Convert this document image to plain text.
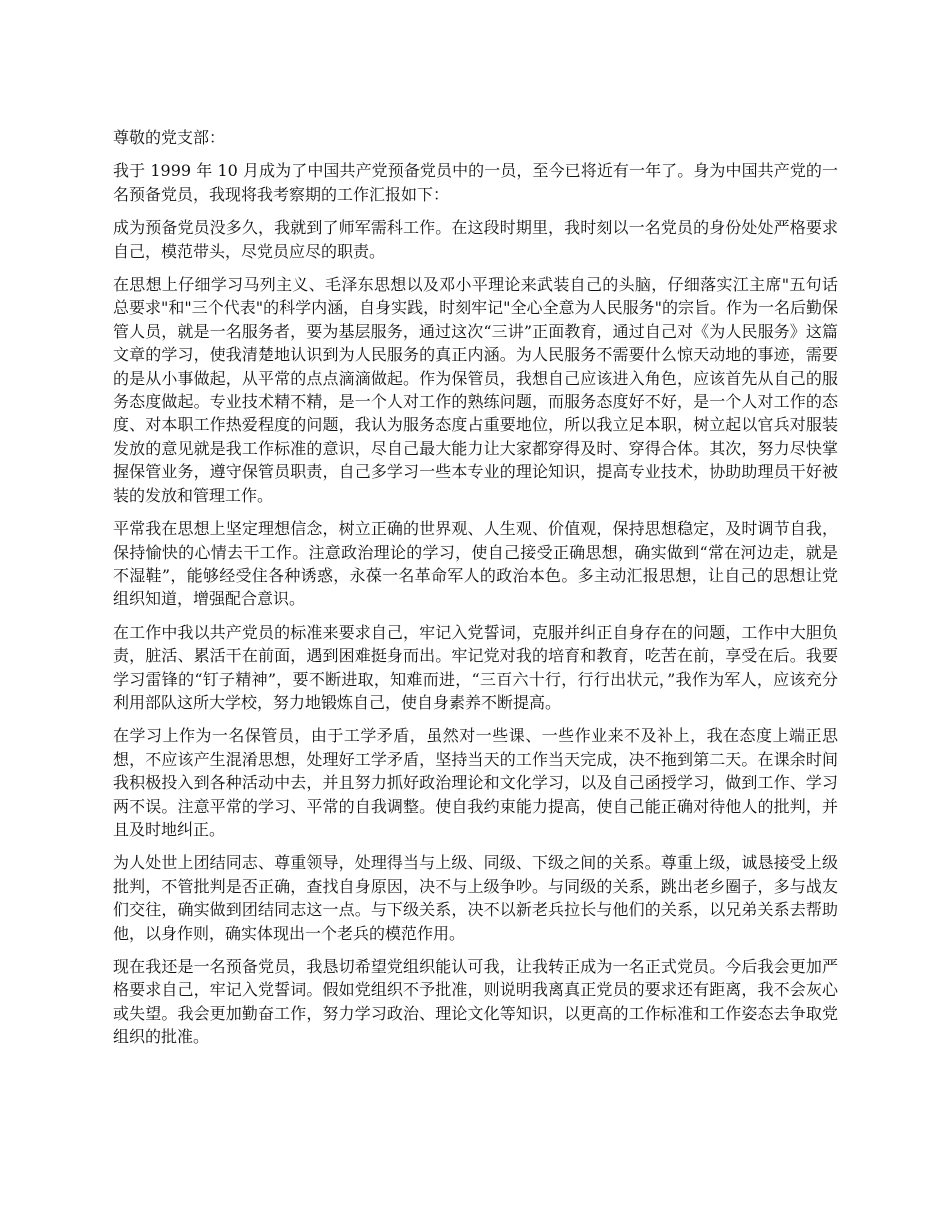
尊敬的党支部：

我于 1999 年 10 月成为了中国共产党预备党员中的一员，至今已将近有一年了。身为中国共产党的一名预备党员，我现将我考察期的工作汇报如下：

成为预备党员没多久，我就到了师军需科工作。在这段时期里，我时刻以一名党员的身份处处严格要求自己，模范带头，尽党员应尽的职责。

在思想上仔细学习马列主义、毛泽东思想以及邓小平理论来武装自己的头脑，仔细落实江主席"五句话总要求"和"三个代表"的科学内涵，自身实践，时刻牢记"全心全意为人民服务"的宗旨。作为一名后勤保管人员，就是一名服务者，要为基层服务，通过这次“三讲”正面教育，通过自己对《为人民服务》这篇文章的学习，使我清楚地认识到为人民服务的真正内涵。为人民服务不需要什么惊天动地的事迹，需要的是从小事做起，从平常的点点滴滴做起。作为保管员，我想自己应该进入角色，应该首先从自己的服务态度做起。专业技术精不精，是一个人对工作的熟练问题，而服务态度好不好，是一个人对工作的态度、对本职工作热爱程度的问题，我认为服务态度占重要地位，所以我立足本职，树立起以官兵对服装发放的意见就是我工作标准的意识，尽自己最大能力让大家都穿得及时、穿得合体。其次，努力尽快掌握保管业务，遵守保管员职责，自己多学习一些本专业的理论知识，提高专业技术，协助助理员干好被装的发放和管理工作。

平常我在思想上坚定理想信念，树立正确的世界观、人生观、价值观，保持思想稳定，及时调节自我，保持愉快的心情去干工作。注意政治理论的学习，使自己接受正确思想，确实做到“常在河边走，就是不湿鞋”，能够经受住各种诱惑，永葆一名革命军人的政治本色。多主动汇报思想，让自己的思想让党组织知道，增强配合意识。

在工作中我以共产党员的标准来要求自己，牢记入党誓词，克服并纠正自身存在的问题，工作中大胆负责，脏活、累活干在前面，遇到困难挺身而出。牢记党对我的培育和教育，吃苦在前，享受在后。我要学习雷锋的“钉子精神”，要不断进取，知难而进，“三百六十行，行行出状元，”我作为军人，应该充分利用部队这所大学校，努力地锻炼自己，使自身素养不断提高。

在学习上作为一名保管员，由于工学矛盾，虽然对一些课、一些作业来不及补上，我在态度上端正思想，不应该产生混淆思想，处理好工学矛盾，坚持当天的工作当天完成，决不拖到第二天。在课余时间我积极投入到各种活动中去，并且努力抓好政治理论和文化学习，以及自己函授学习，做到工作、学习两不误。注意平常的学习、平常的自我调整。使自我约束能力提高，使自己能正确对待他人的批判，并且及时地纠正。

为人处世上团结同志、尊重领导，处理得当与上级、同级、下级之间的关系。尊重上级，诚恳接受上级批判，不管批判是否正确，查找自身原因，决不与上级争吵。与同级的关系，跳出老乡圈子，多与战友们交往，确实做到团结同志这一点。与下级关系，决不以新老兵拉长与他们的关系，以兄弟关系去帮助他，以身作则，确实体现出一个老兵的模范作用。

现在我还是一名预备党员，我恳切希望党组织能认可我，让我转正成为一名正式党员。今后我会更加严格要求自己，牢记入党誓词。假如党组织不予批准，则说明我离真正党员的要求还有距离，我不会灰心或失望。我会更加勤奋工作，努力学习政治、理论文化等知识，以更高的工作标准和工作姿态去争取党组织的批准。
